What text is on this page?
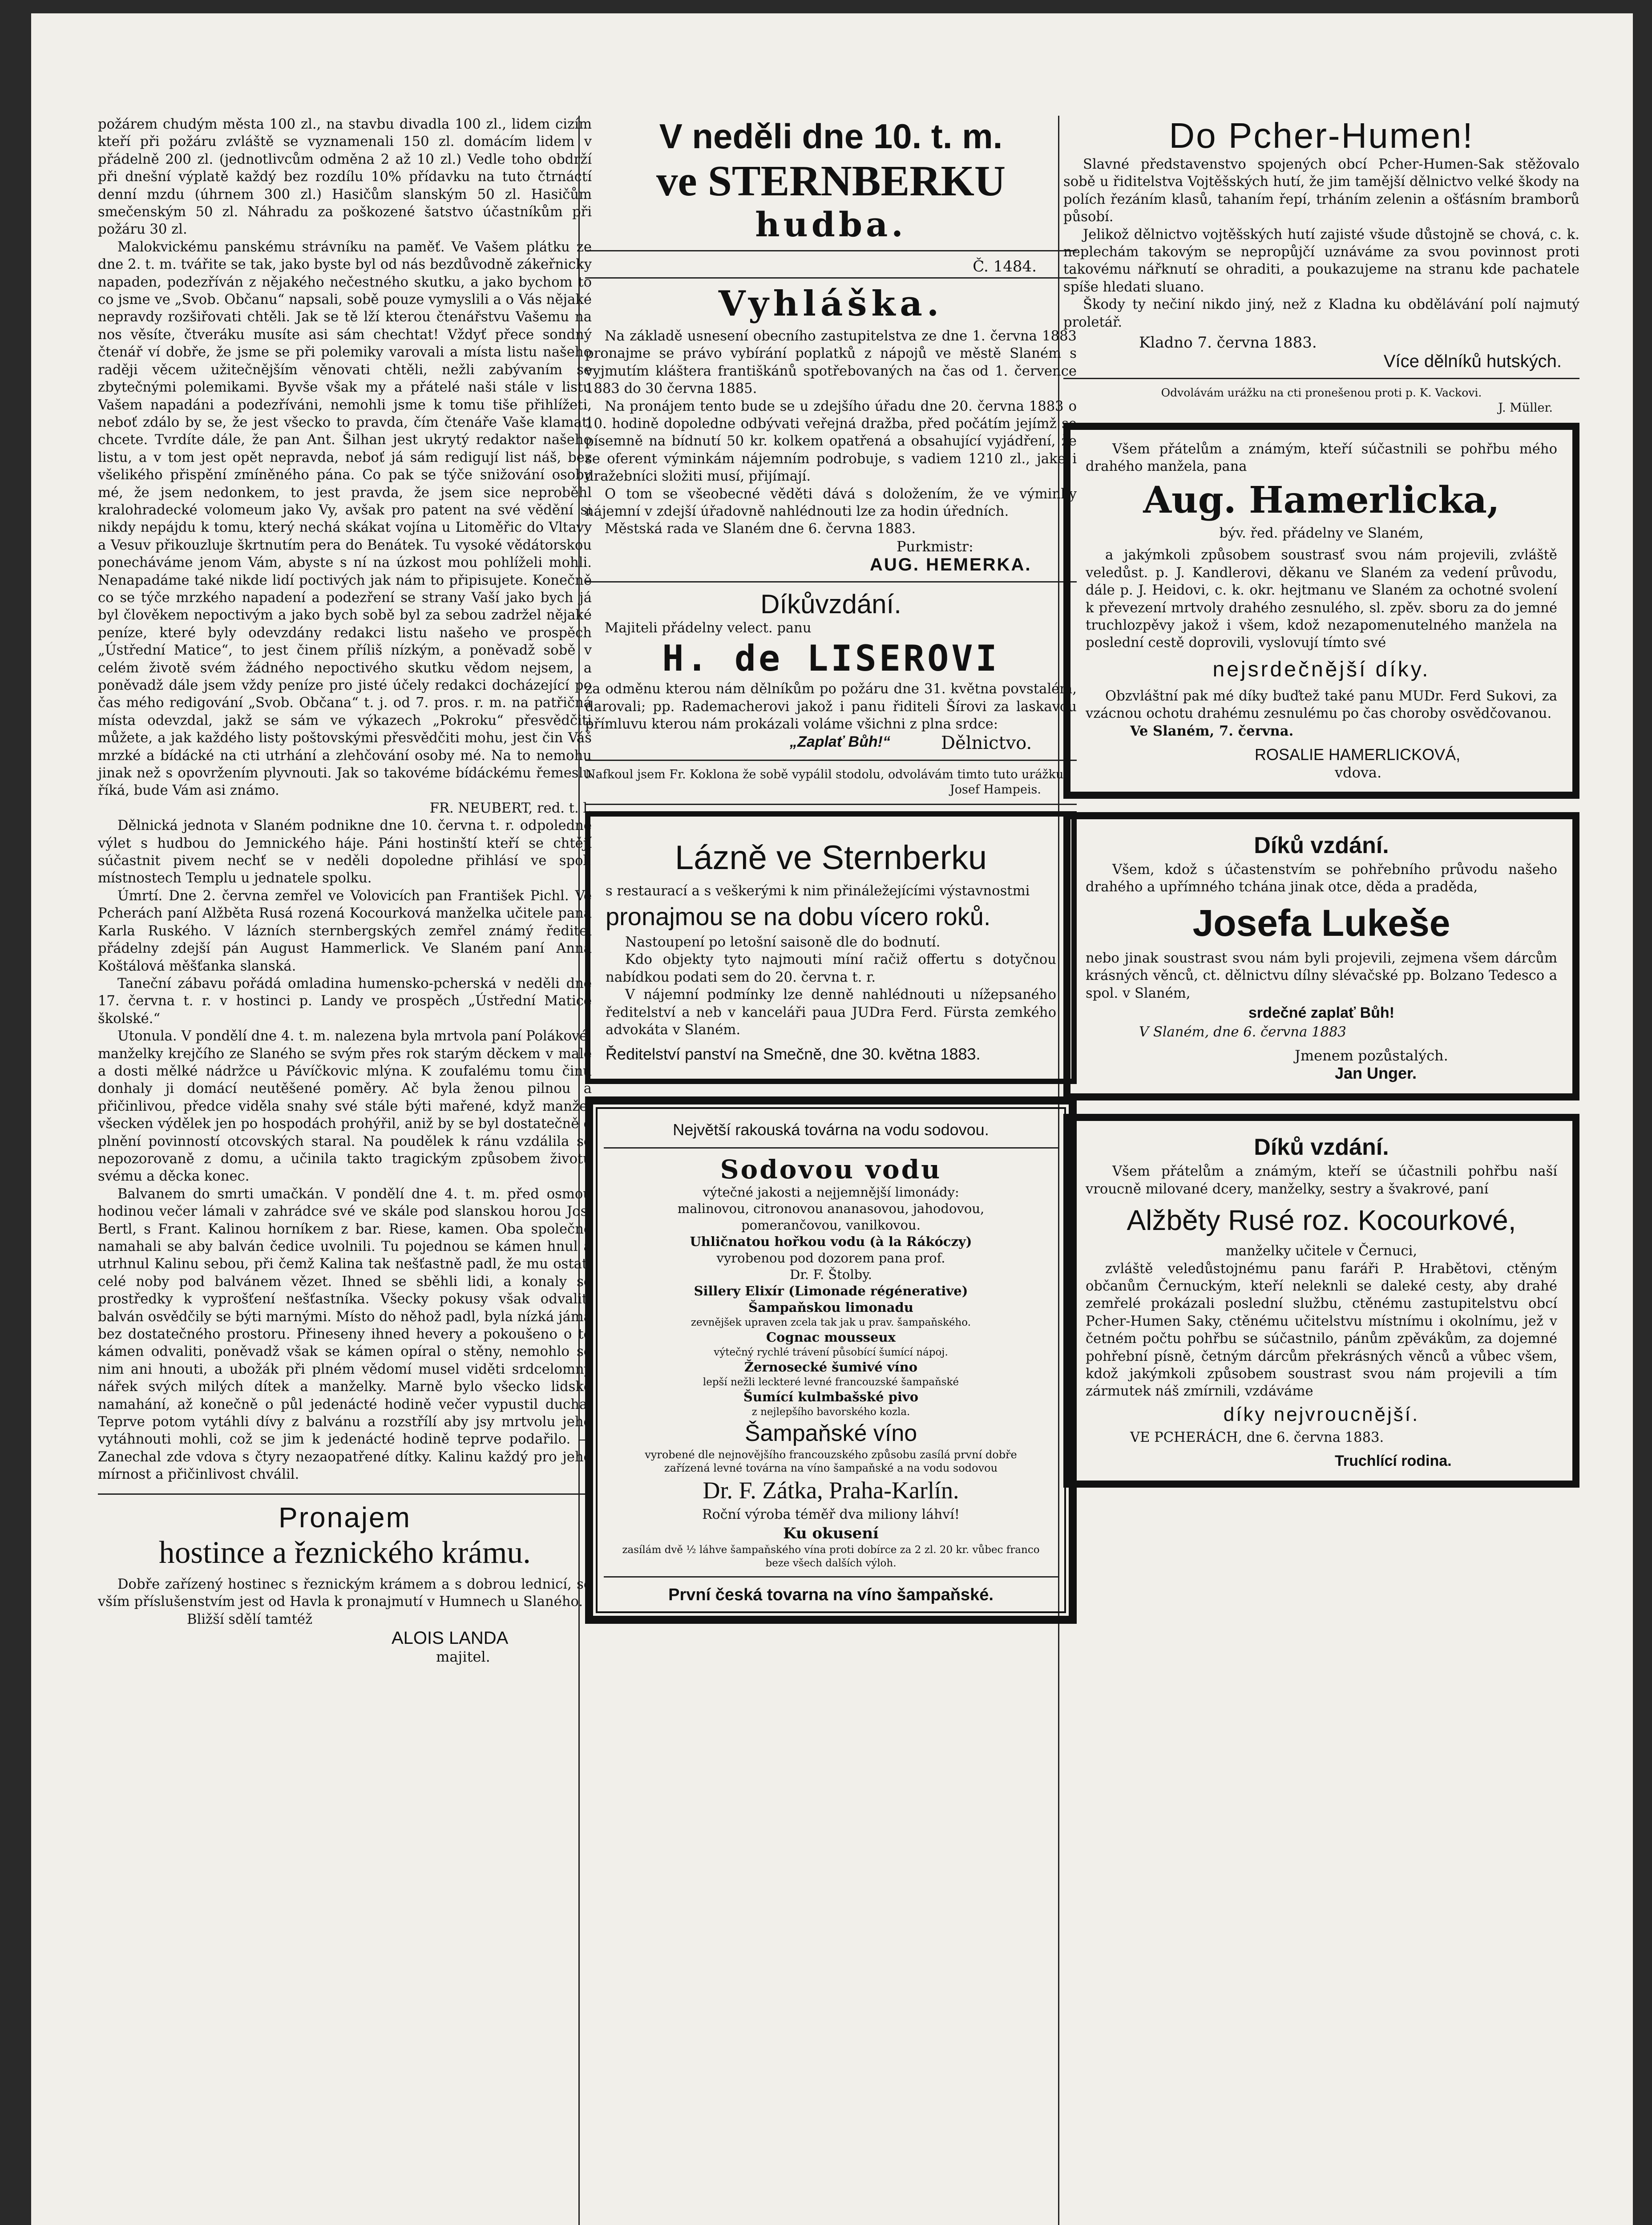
požárem chudým města 100 zl., na stavbu divadla 100 zl., lidem cizím kteří při požáru zvláště se vyznamenali 150 zl. domácím lidem v přádelně 200 zl. (jednotlivcům odměna 2 až 10 zl.) Vedle toho obdrží při dnešní výplatě každý bez rozdílu 10% přídavku na tuto čtrnáctí denní mzdu (úhrnem 300 zl.) Hasičům slanským 50 zl. Hasičům smečenským 50 zl. Náhradu za poškozené šatstvo účastníkům při požáru 30 zl.

Malokvickému panskému strávníku na paměť. Ve Vašem plátku ze dne 2. t. m. tvářite se tak, jako byste byl od nás bezdůvodně zákeřnicky napaden, podezříván z nějakého nečestného skutku, a jako bychom to co jsme ve „Svob. Občanu“ napsali, sobě pouze vymyslili a o Vás nějaké nepravdy rozšiřovati chtěli. Jak se tě lží kterou čtenářstvu Vašemu na nos věsíte, čtveráku musíte asi sám chechtat! Vždyť přece sondný čtenář ví dobře, že jsme se při polemiky varovali a místa listu našeho raději věcem užitečnějším věnovati chtěli, nežli zabývaním se zbytečnými polemikami. Byvše však my a přátelé naši stále v listu Vašem napadáni a podezříváni, nemohli jsme k tomu tiše přihlížeti, neboť zdálo by se, že jest všecko to pravda, čím čtenáře Vaše klamati chcete. Tvrdíte dále, že pan Ant. Šilhan jest ukrytý redaktor našeho listu, a v tom jest opět nepravda, neboť já sám redigují list náš, bez všelikého přispění zmíněného pána. Co pak se týče snižování osoby mé, že jsem nedonkem, to jest pravda, že jsem sice neproběhl kralohradecké volomeum jako Vy, avšak pro patent na své vědění si nikdy nepájdu k tomu, který nechá skákat vojína u Litoměřic do Vltavy a Vesuv přikouzluje škrtnutím pera do Benátek. Tu vysoké vědátorskou ponecháváme jenom Vám, abyste s ní na úzkost mou pohlíželi mohli. Nenapadáme také nikde lidí poctivých jak nám to připisujete. Konečně co se týče mrzkého napadení a podezření se strany Vaší jako bych já byl člověkem nepoctivým a jako bych sobě byl za sebou zadržel nějaké peníze, které byly odevzdány redakci listu našeho ve prospěch „Ústřední Matice“, to jest činem příliš nízkým, a poněvadž sobě v celém životě svém žádného nepoctivého skutku vědom nejsem, a poněvadž dále jsem vždy peníze pro jisté účely redakci docházející po čas mého redigování „Svob. Občana“ t. j. od 7. pros. r. m. na patřičná místa odevzdal, jakž se sám ve výkazech „Pokroku“ přesvědčiti můžete, a jak každého listy poštovskými přesvědčiti mohu, jest čin Váš mrzké a bídácké na cti utrhání a zlehčování osoby mé. Na to nemohu jinak než s opovržením plyvnouti. Jak so takovéme bídáckému řemeslu říká, bude Vám asi známo.

FR. NEUBERT, red. t. l.

Dělnická jednota v Slaném podnikne dne 10. června t. r. odpoledne výlet s hudbou do Jemnického háje. Páni hostinští kteří se chtějí súčastnit pivem nechť se v neděli dopoledne přihlásí ve spol. místnostech Templu u jednatele spolku.

Úmrtí. Dne 2. června zemřel ve Volovicích pan František Pichl. Ve Pcherách paní Alžběta Rusá rozená Kocourková manželka učitele pana Karla Ruského. V lázních sternbergských zemřel známý ředitel přádelny zdejší pán August Hammerlick. Ve Slaném paní Anna Koštálová měšťanka slanská.

Taneční zábavu pořádá omladina humensko-pcherská v neděli dne 17. června t. r. v hostinci p. Landy ve prospěch „Ústřední Matice školské.“

Utonula. V pondělí dne 4. t. m. nalezena byla mrtvola paní Polákové, manželky krejčího ze Slaného se svým přes rok starým děckem v malé a dosti mělké nádržce u Pávíčkovic mlýna. K zoufalému tomu činu donhaly ji domácí neutěšené poměry. Ač byla ženou pilnou a přičinlivou, předce viděla snahy své stále býti mařené, když manžel všecken výdělek jen po hospodách prohýřil, aniž by se byl dostatečně o plnění povinností otcovských staral. Na poudělek k ránu vzdálila se nepozorovaně z domu, a učinila takto tragickým způsobem životu svému a děcka konec.

Balvanem do smrti umačkán. V pondělí dne 4. t. m. před osmou hodinou večer lámali v zahrádce své ve skále pod slanskou horou Jos. Bertl, s Frant. Kalinou horníkem z bar. Riese, kamen. Oba společně namahali se aby balván čedice uvolnili. Tu pojednou se kámen hnul a utrhnul Kalinu sebou, při čemž Kalina tak nešťastně padl, že mu ostatí celé noby pod balvánem vězet. Ihned se sběhli lidi, a konaly se prostředky k vyprošťení nešťastníka. Všecky pokusy však odvaliti balván osvědčily se býti marnými. Místo do něhož padl, byla nízká jáma bez dostatečného prostoru. Přineseny ihned hevery a pokoušeno o to kámen odvaliti, poněvadž však se kámen opíral o stěny, nemohlo se nim ani hnouti, a ubožák při plném vědomí musel viděti srdcelomný nářek svých milých dítek a manželky. Marně bylo všecko lidské namahání, až konečně o půl jedenácté hodině večer vypustil ducha. Teprve potom vytáhli dívy z balvánu a rozstřílí aby jsy mrtvolu jeho vytáhnouti mohli, což se jim k jedenácté hodině teprve podařilo. — Zanechal zde vdova s čtyry nezaopatřené dítky. Kalinu každý pro jeho mírnost a přičinlivost chválil.

Pronajem
hostince a řeznického krámu.
Dobře zařízený hostinec s řeznickým krámem a s dobrou lednicí, se vším příslušenstvím jest od Havla k pronajmutí v Humnech u Slaného.
Bližší sdělí tamtéž
ALOIS LANDA
majitel.
V neděli dne 10. t. m.
ve STERNBERKU
hudba.
Č. 1484.
Vyhláška.

Na základě usnesení obecního zastupitelstva ze dne 1. června 1883 pronajme se právo vybírání poplatků z nápojů ve městě Slaném s vyjmutím kláštera františkánů spotřebovaných na čas od 1. července 1883 do 30 června 1885.

Na pronájem tento bude se u zdejšího úřadu dne 20. června 1883 o 10. hodině dopoledne odbývati veřejná dražba, před počátím jejímž se písemně na bídnutí 50 kr. kolkem opatřená a obsahující vyjádření, že se oferent výminkám nájemním podrobuje, s vadiem 1210 zl., jake i dražebníci složiti musí, přijímají.

O tom se všeobecné věděti dává s doložením, že ve výminky nájemní v zdejší úřadovně nahlédnouti lze za hodin úředních.

Městská rada ve Slaném dne 6. června 1883.

Purkmistr:
AUG. HEMERKA.
Díkůvzdání.
Majiteli přádelny velect. panu
H. de LISEROVI
za odměnu kterou nám dělníkům po požáru dne 31. května povstalém, darovali; pp. Rademacherovi jakož i panu řiditeli Šírovi za laskavou přímluvu kterou nám prokázali voláme všichni z plna srdce:
„Zaplať Bůh!“	Dělnictvo.
Nafkoul jsem Fr. Koklona že sobě vypálil stodolu, odvolávám timto tuto urážku.
Josef Hampeis.
Lázně ve Sternberku
s restaurací a s veškerými k nim přináležejícími výstavnostmi
pronajmou se na dobu vícero roků.

Nastoupení po letošní saisoně dle do bodnutí.

Kdo objekty tyto najmouti míní račiž offertu s dotyčnou nabídkou podati sem do 20. června t. r.

V nájemní podmínky lze denně nahlédnouti u nížepsaného ředitelství a neb v kanceláři paua JUDra Ferd. Fürsta zemkého advokáta v Slaném.

Ředitelství panství na Smečně, dne 30. května 1883.
Největší rakouská továrna na vodu sodovou.
Sodovou vodu
výtečné jakosti a nejjemnější limonády:
malinovou, citronovou ananasovou, jahodovou,
pomerančovou, vanilkovou.
Uhličnatou hořkou vodu (à la Rákóczy)
vyrobenou pod dozorem pana prof.
Dr. F. Štolby.
Sillery Elixír (Limonade régénerative)
Šampaňskou limonadu
zevnějšek upraven zcela tak jak u prav. šampaňského.
Cognac mousseux
výtečný rychlé trávení působící šumící nápoj.
Žernosecké šumivé víno
lepší nežli leckteré levné francouzské šampaňské
Šumící kulmbašské pivo
z nejlepšího bavorského kozla.
Šampaňské víno
vyrobené dle nejnovějšího francouzského způsobu zasílá první dobře zařízená levné továrna na víno šampaňské a na vodu sodovou
Dr. F. Zátka, Praha-Karlín.
Roční výroba téměř dva miliony láhví!
Ku okusení
zasílám dvě ½ láhve šampaňského vína proti dobírce za 2 zl. 20 kr. vůbec franco beze všech dalších výloh.
První česká tovarna na víno šampaňské.
Do Pcher-Humen!

Slavné představenstvo spojených obcí Pcher-Humen-Sak stěžovalo sobě u řiditelstva Vojtěšských hutí, že jim tamější dělnictvo velké škody na polích řezáním klasů, tahaním řepí, trháním zelenin a ošťásním bramborů působí.

Jelikož dělnictvo vojtěšských hutí zajisté všude důstojně se chová, c. k. neplechám takovým se nepropůjčí uznáváme za svou povinnost proti takovému nářknutí se ohraditi, a poukazujeme na stranu kde pachatele spíše hledati sluano.

Škody ty nečiní nikdo jiný, než z Kladna ku obdělávání polí najmutý proletář.

Kladno 7. června 1883.
Více dělníků hutských.
Odvolávám urážku na cti pronešenou proti p. K. Vackovi.
J. Müller.
Všem přátelům a známým, kteří súčastnili se pohřbu mého drahého manžela, pana
Aug. Hamerlicka,
býv. řed. přádelny ve Slaném,
a jakýmkoli způsobem soustrasť svou nám projevili, zvláště veledůst. p. J. Kandlerovi, děkanu ve Slaném za vedení průvodu, dále p. J. Heidovi, c. k. okr. hejtmanu ve Slaném za ochotné svolení k převezení mrtvoly drahého zesnulého, sl. zpěv. sboru za do jemné truchlozpěvy jakož i všem, kdož nezapomenutelného manžela na poslední cestě doprovili, vyslovují tímto své
nejsrdečnější díky.
Obzvláštní pak mé díky buďtež také panu MUDr. Ferd Sukovi, za vzácnou ochotu drahému zesnulému po čas choroby osvědčovanou.
Ve Slaném, 7. června.
ROSALIE HAMERLICKOVÁ,
vdova.
Díků vzdání.
Všem, kdož s účastenstvím se pohřebního průvodu našeho drahého a upřímného tchána jinak otce, děda a praděda,
Josefa Lukeše
nebo jinak soustrast svou nám byli projevili, zejmena všem dárcům krásných věnců, ct. dělnictvu dílny slévačské pp. Bolzano Tedesco a spol. v Slaném,
srdečné zaplať Bůh!
V Slaném, dne 6. června 1883
Jmenem pozůstalých.
Jan Unger.
Díků vzdání.
Všem přátelům a známým, kteří se účastnili pohřbu naší vroucně milované dcery, manželky, sestry a švakrové, paní
Alžběty Rusé roz. Kocourkové,
manželky učitele v Černuci,
zvláště veledůstojnému panu faráři P. Hrabětovi, ctěným občanům Černuckým, kteří neleknli se daleké cesty, aby drahé zemřelé prokázali poslední službu, ctěnému zastupitelstvu obcí Pcher-Humen Saky, ctěnému učitelstvu místnímu i okolnímu, jež v četném počtu pohřbu se súčastnilo, pánům zpěvákům, za dojemné pohřební písně, četným dárcům překrásných věnců a vůbec všem, kdož jakýmkoli způsobem soustrast svou nám projevili a tím zármutek náš zmírnili, vzdáváme
díky nejvroucnější.
VE PCHERÁCH, dne 6. června 1883.
Truchlící rodina.
